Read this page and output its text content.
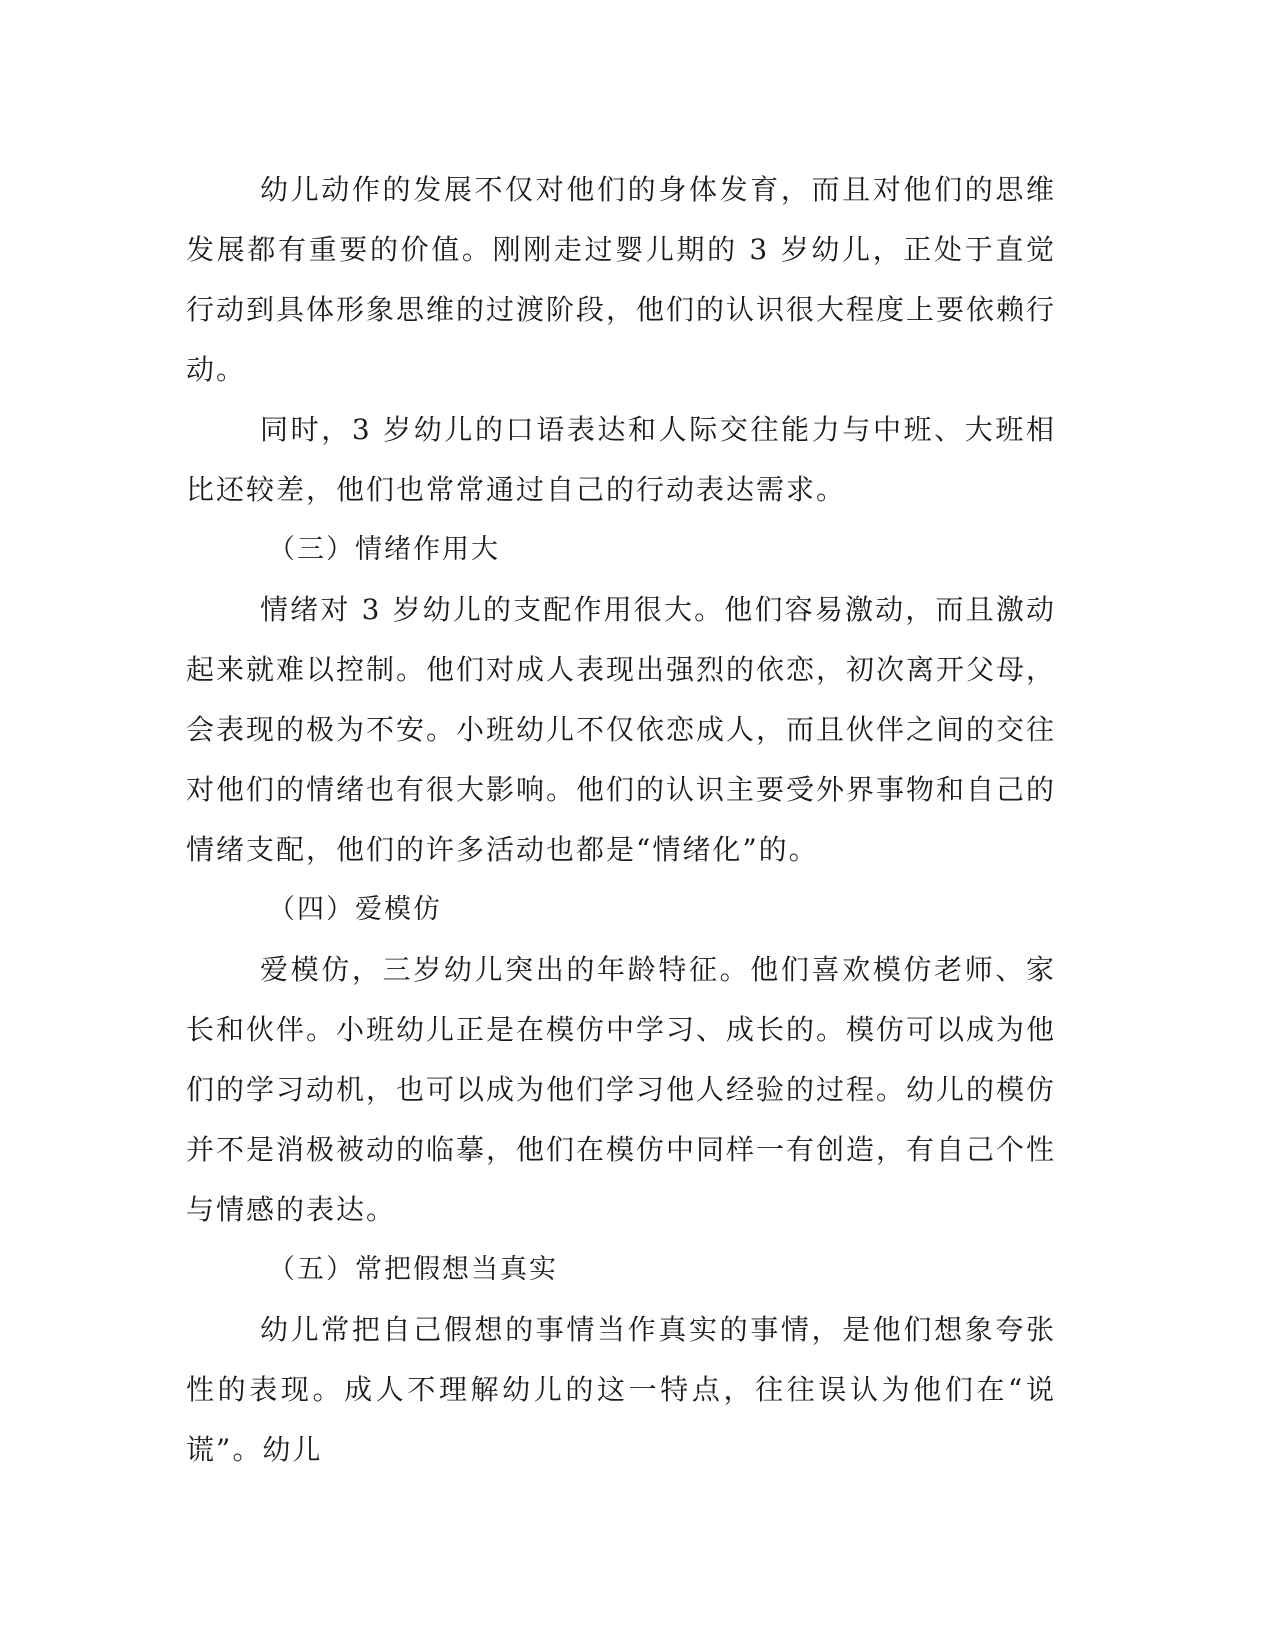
幼儿动作的发展不仅对他们的身体发育，而且对他们的思维发展都有重要的价值。刚刚走过婴儿期的 3 岁幼儿，正处于直觉行动到具体形象思维的过渡阶段，他们的认识很大程度上要依赖行动。

同时，3 岁幼儿的口语表达和人际交往能力与中班、大班相比还较差，他们也常常通过自己的行动表达需求。

（三）情绪作用大

情绪对 3 岁幼儿的支配作用很大。他们容易激动，而且激动起来就难以控制。他们对成人表现出强烈的依恋，初次离开父母，会表现的极为不安。小班幼儿不仅依恋成人，而且伙伴之间的交往对他们的情绪也有很大影响。他们的认识主要受外界事物和自己的情绪支配，他们的许多活动也都是“情绪化”的。

（四）爱模仿

爱模仿，三岁幼儿突出的年龄特征。他们喜欢模仿老师、家长和伙伴。小班幼儿正是在模仿中学习、成长的。模仿可以成为他们的学习动机，也可以成为他们学习他人经验的过程。幼儿的模仿并不是消极被动的临摹，他们在模仿中同样一有创造，有自己个性与情感的表达。

（五）常把假想当真实

幼儿常把自己假想的事情当作真实的事情，是他们想象夸张性的表现。成人不理解幼儿的这一特点，往往误认为他们在“说谎”。幼儿
